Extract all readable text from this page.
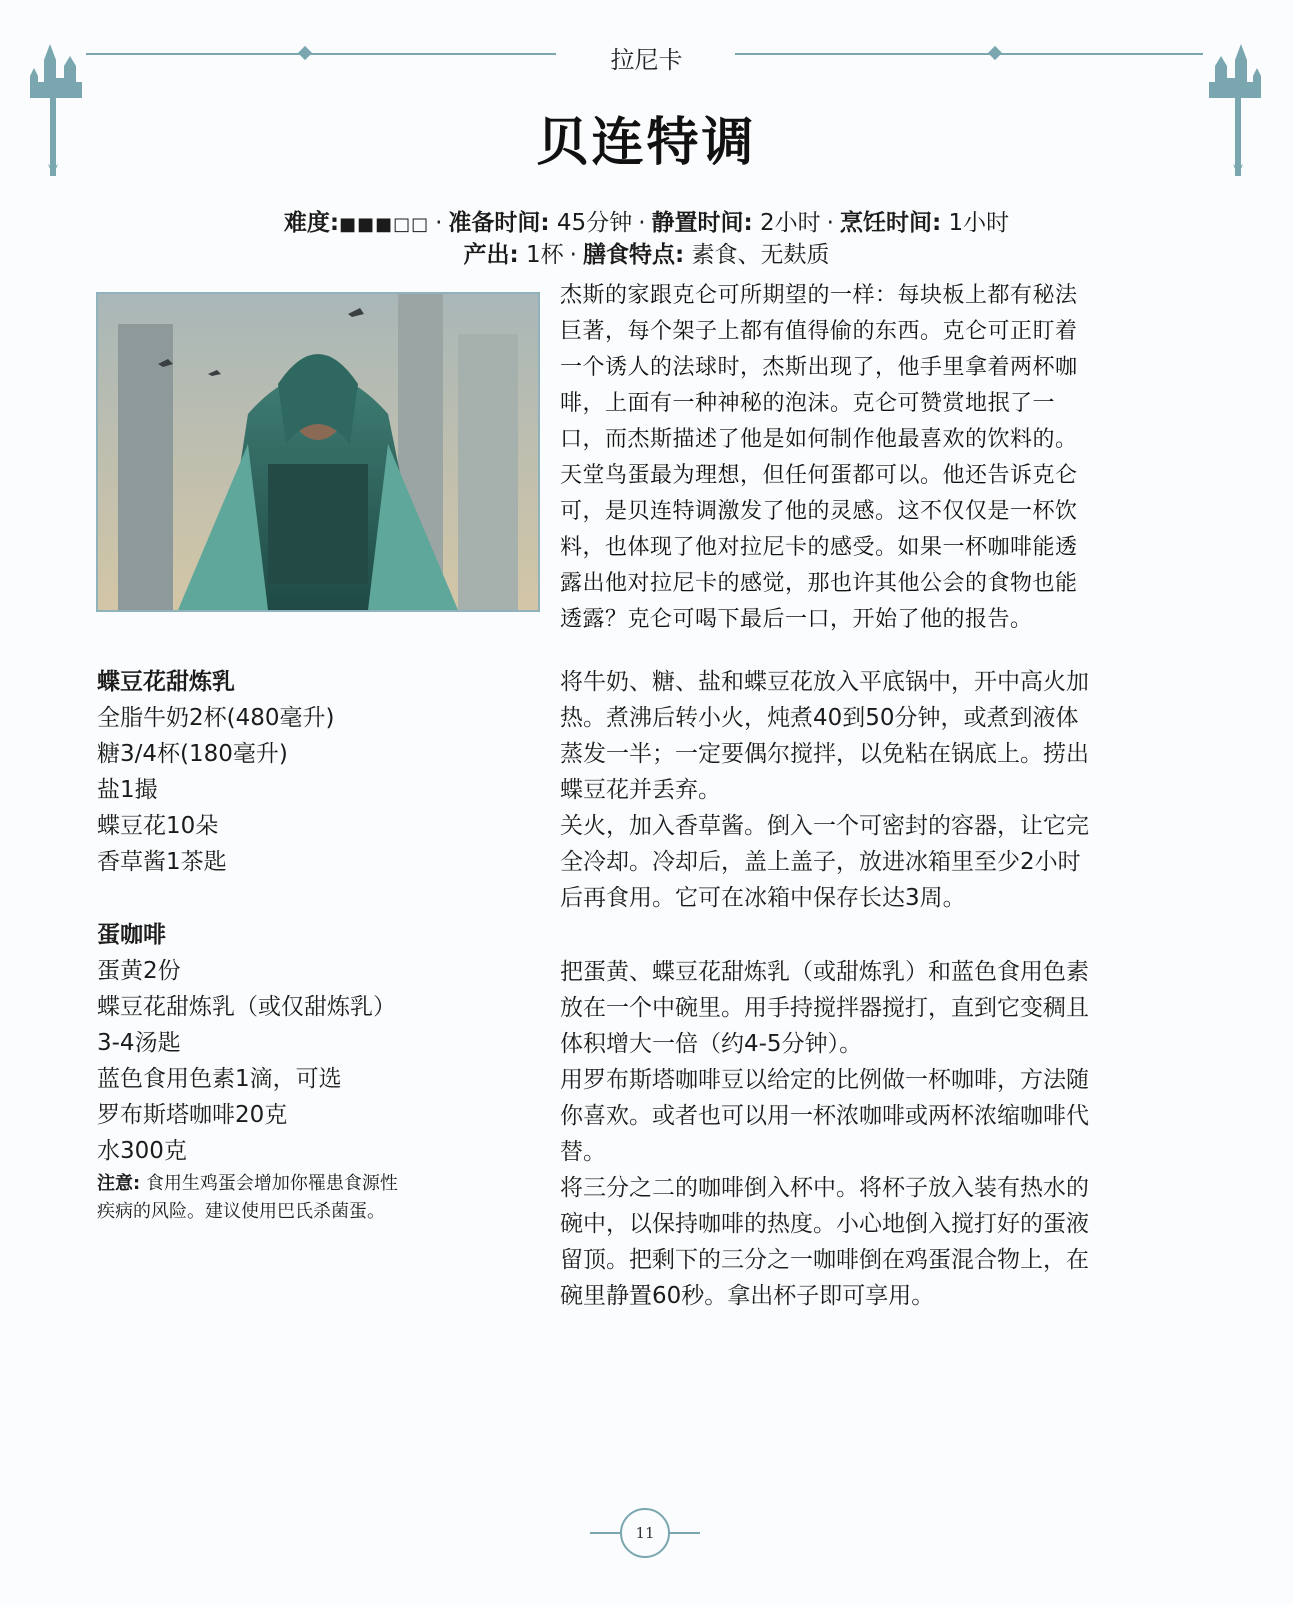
拉尼卡
贝连特调
难度:■■■□□ · 准备时间: 45分钟 · 静置时间: 2小时 · 烹饪时间: 1小时
产出: 1杯 · 膳食特点: 素食、无麸质
杰斯的家跟克仑可所期望的一样：每块板上都有秘法
巨著，每个架子上都有值得偷的东西。克仑可正盯着
一个诱人的法球时，杰斯出现了，他手里拿着两杯咖
啡，上面有一种神秘的泡沫。克仑可赞赏地抿了一
口，而杰斯描述了他是如何制作他最喜欢的饮料的。
天堂鸟蛋最为理想，但任何蛋都可以。他还告诉克仑
可，是贝连特调激发了他的灵感。这不仅仅是一杯饮
料，也体现了他对拉尼卡的感受。如果一杯咖啡能透
露出他对拉尼卡的感觉，那也许其他公会的食物也能
透露？克仑可喝下最后一口，开始了他的报告。
蝶豆花甜炼乳
全脂牛奶2杯(480毫升)
糖3/4杯(180毫升)
盐1撮
蝶豆花10朵
香草酱1茶匙
蛋咖啡
蛋黄2份
蝶豆花甜炼乳（或仅甜炼乳）
3-4汤匙
蓝色食用色素1滴，可选
罗布斯塔咖啡20克
水300克
注意: 食用生鸡蛋会增加你罹患食源性
疾病的风险。建议使用巴氏杀菌蛋。

将牛奶、糖、盐和蝶豆花放入平底锅中，开中高火加

热。煮沸后转小火，炖煮40到50分钟，或煮到液体

蒸发一半；一定要偶尔搅拌，以免粘在锅底上。捞出

蝶豆花并丢弃。

关火，加入香草酱。倒入一个可密封的容器，让它完

全冷却。冷却后，盖上盖子，放进冰箱里至少2小时

后再食用。它可在冰箱中保存长达3周。

把蛋黄、蝶豆花甜炼乳（或甜炼乳）和蓝色食用色素

放在一个中碗里。用手持搅拌器搅打，直到它变稠且

体积增大一倍（约4-5分钟）。

用罗布斯塔咖啡豆以给定的比例做一杯咖啡，方法随

你喜欢。或者也可以用一杯浓咖啡或两杯浓缩咖啡代

替。

将三分之二的咖啡倒入杯中。将杯子放入装有热水的

碗中，以保持咖啡的热度。小心地倒入搅打好的蛋液

留顶。把剩下的三分之一咖啡倒在鸡蛋混合物上，在

碗里静置60秒。拿出杯子即可享用。

11
